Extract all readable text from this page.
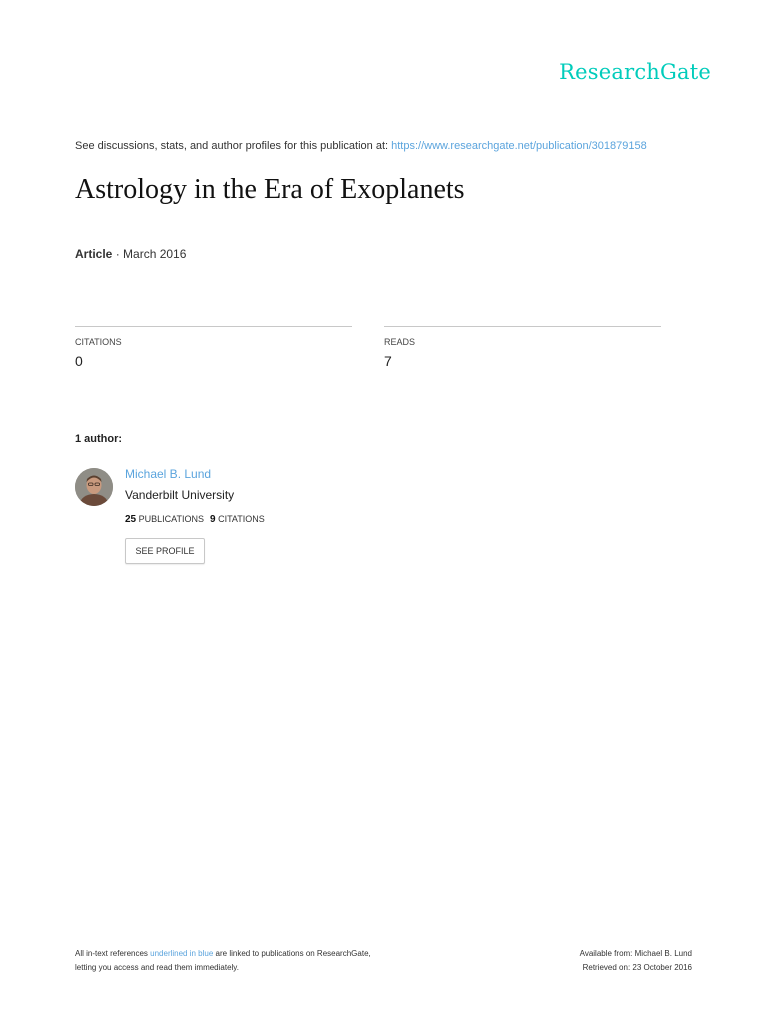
ResearchGate
See discussions, stats, and author profiles for this publication at: https://www.researchgate.net/publication/301879158
Astrology in the Era of Exoplanets
Article · March 2016
CITATIONS
0
READS
7
1 author:
Michael B. Lund
Vanderbilt University
25 PUBLICATIONS 9 CITATIONS
SEE PROFILE
All in-text references underlined in blue are linked to publications on ResearchGate,
letting you access and read them immediately.
Available from: Michael B. Lund
Retrieved on: 23 October 2016
